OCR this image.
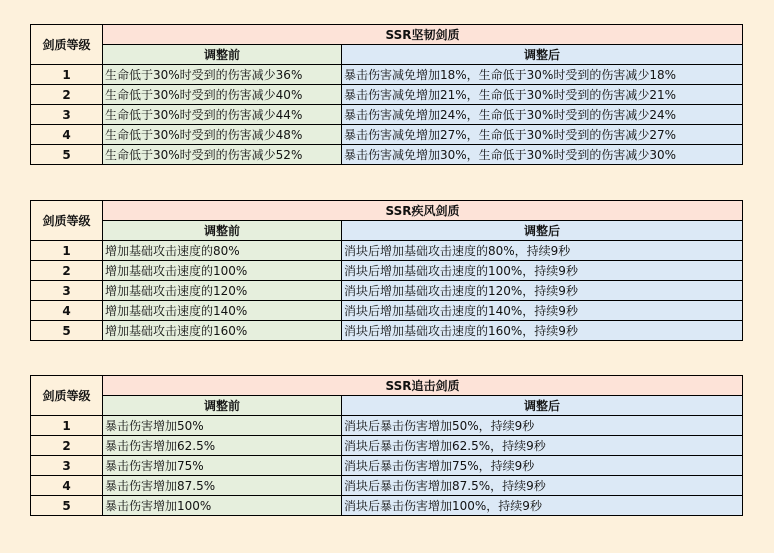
剑质等级	SSR坚韧剑质	
	调整前	调整后
1	生命低于30%时受到的伤害减少36%	暴击伤害减免增加18%，生命低于30%时受到的伤害减少18%
2	生命低于30%时受到的伤害减少40%	暴击伤害减免增加21%，生命低于30%时受到的伤害减少21%
3	生命低于30%时受到的伤害减少44%	暴击伤害减免增加24%，生命低于30%时受到的伤害减少24%
4	生命低于30%时受到的伤害减少48%	暴击伤害减免增加27%，生命低于30%时受到的伤害减少27%
5	生命低于30%时受到的伤害减少52%	暴击伤害减免增加30%，生命低于30%时受到的伤害减少30%
剑质等级	SSR疾风剑质	
	调整前	调整后
1	增加基础攻击速度的80%	消块后增加基础攻击速度的80%，持续9秒
2	增加基础攻击速度的100%	消块后增加基础攻击速度的100%，持续9秒
3	增加基础攻击速度的120%	消块后增加基础攻击速度的120%，持续9秒
4	增加基础攻击速度的140%	消块后增加基础攻击速度的140%，持续9秒
5	增加基础攻击速度的160%	消块后增加基础攻击速度的160%，持续9秒
剑质等级	SSR追击剑质	
	调整前	调整后
1	暴击伤害增加50%	消块后暴击伤害增加50%，持续9秒
2	暴击伤害增加62.5%	消块后暴击伤害增加62.5%，持续9秒
3	暴击伤害增加75%	消块后暴击伤害增加75%，持续9秒
4	暴击伤害增加87.5%	消块后暴击伤害增加87.5%，持续9秒
5	暴击伤害增加100%	消块后暴击伤害增加100%，持续9秒
